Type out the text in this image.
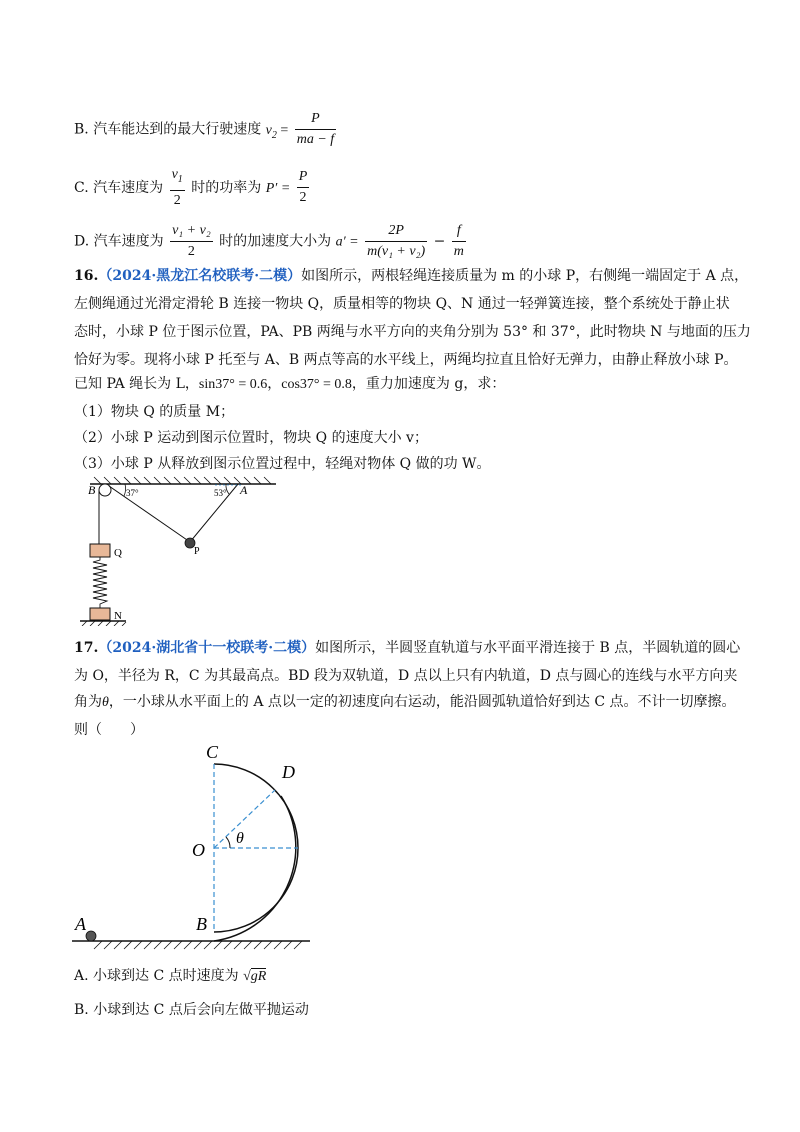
B. 汽车能达到的最大行驶速度 $v_2 = \frac{P}{ma - f}$
C. 汽车速度为 $\frac{v_1}{2}$ 时的功率为 $P' = \frac{P}{2}$
D. 汽车速度为 $\frac{\text{v₁ + v₂}}{2}$ 时的加速度大小为 $a' = \frac{2P}{\text{m(v₁ + v₂)}} - \frac{f}{m}$
16.（2024·黑龙江名校联考·二模）如图所示，两根轻绳连接质量为 m 的小球 P，右侧绳一端固定于 A 点，
左侧绳通过光滑定滑轮 B 连接一物块 Q，质量相等的物块 Q、N 通过一轻弹簧连接，整个系统处于静止状
态时，小球 P 位于图示位置，PA、PB 两绳与水平方向的夹角分别为 53° 和 37°，此时物块 N 与地面的压力
恰好为零。现将小球 P 托至与 A、B 两点等高的水平线上，两绳均拉直且恰好无弹力，由静止释放小球 P。
已知 PA 绳长为 L，sin37° = 0.6，cos37° = 0.8，重力加速度为 g，求：
（1）物块 Q 的质量 M；
（2）小球 P 运动到图示位置时，物块 Q 的速度大小 v；
（3）小球 P 从释放到图示位置过程中，轻绳对物体 Q 做的功 W。
B	A
37°	53°
Q	P
N
17.（2024·湖北省十一校联考·二模）如图所示，半圆竖直轨道与水平面平滑连接于 B 点，半圆轨道的圆心
为 O，半径为 R，C 为其最高点。BD 段为双轨道，D 点以上只有内轨道，D 点与圆心的连线与水平方向夹
角为θ，一小球从水平面上的 A 点以一定的初速度向右运动，能沿圆弧轨道恰好到达 C 点。不计一切摩擦。
则（　　）
C
D
O
θ
B
A
A. 小球到达 C 点时速度为 √gR
B. 小球到达 C 点后会向左做平抛运动
